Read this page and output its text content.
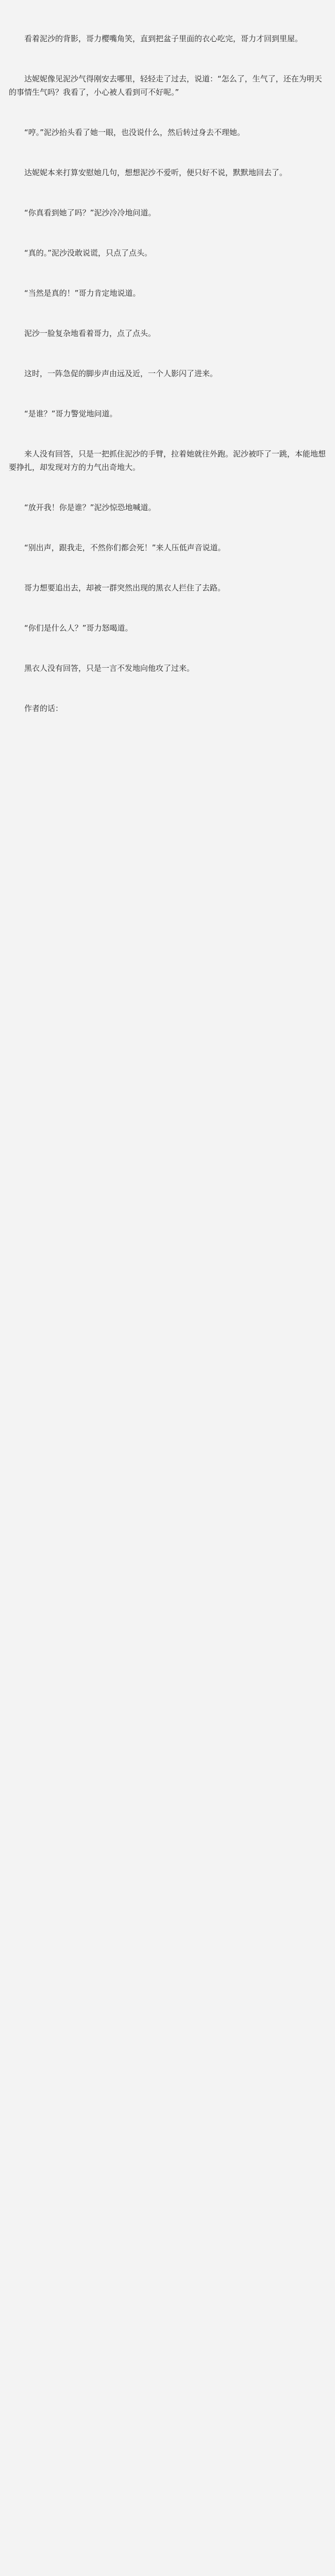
　　看着泥沙的背影，哥力樱嘴角笑，直到把盆子里面的衣心吃完，哥力才回到里屋。

　　达妮妮像见泥沙气得刚安去哪里，轻轻走了过去，说道：“怎么了，生气了，还在为明天的事情生气吗？我看了，小心被人看到可不好呢。”

　　“哼。”泥沙抬头看了她一眼，也没说什么，然后转过身去不理她。

　　达妮妮本来打算安慰她几句，想想泥沙不爱听，便只好不说，默默地回去了。

　　“你真看到她了吗？”泥沙冷冷地问道。

　　“真的。”泥沙没敢说谎，只点了点头。

　　“当然是真的！”哥力肯定地说道。

　　泥沙一脸复杂地看着哥力，点了点头。

　　这时，一阵急促的脚步声由远及近，一个人影闪了进来。

　　“是谁？”哥力警觉地问道。

　　来人没有回答，只是一把抓住泥沙的手臂，拉着她就往外跑。泥沙被吓了一跳，本能地想要挣扎，却发现对方的力气出奇地大。

　　“放开我！你是谁？”泥沙惊恐地喊道。

　　“别出声，跟我走，不然你们都会死！”来人压低声音说道。

　　哥力想要追出去，却被一群突然出现的黑衣人拦住了去路。

　　“你们是什么人？”哥力怒喝道。

　　黑衣人没有回答，只是一言不发地向他攻了过来。

　　作者的话：
